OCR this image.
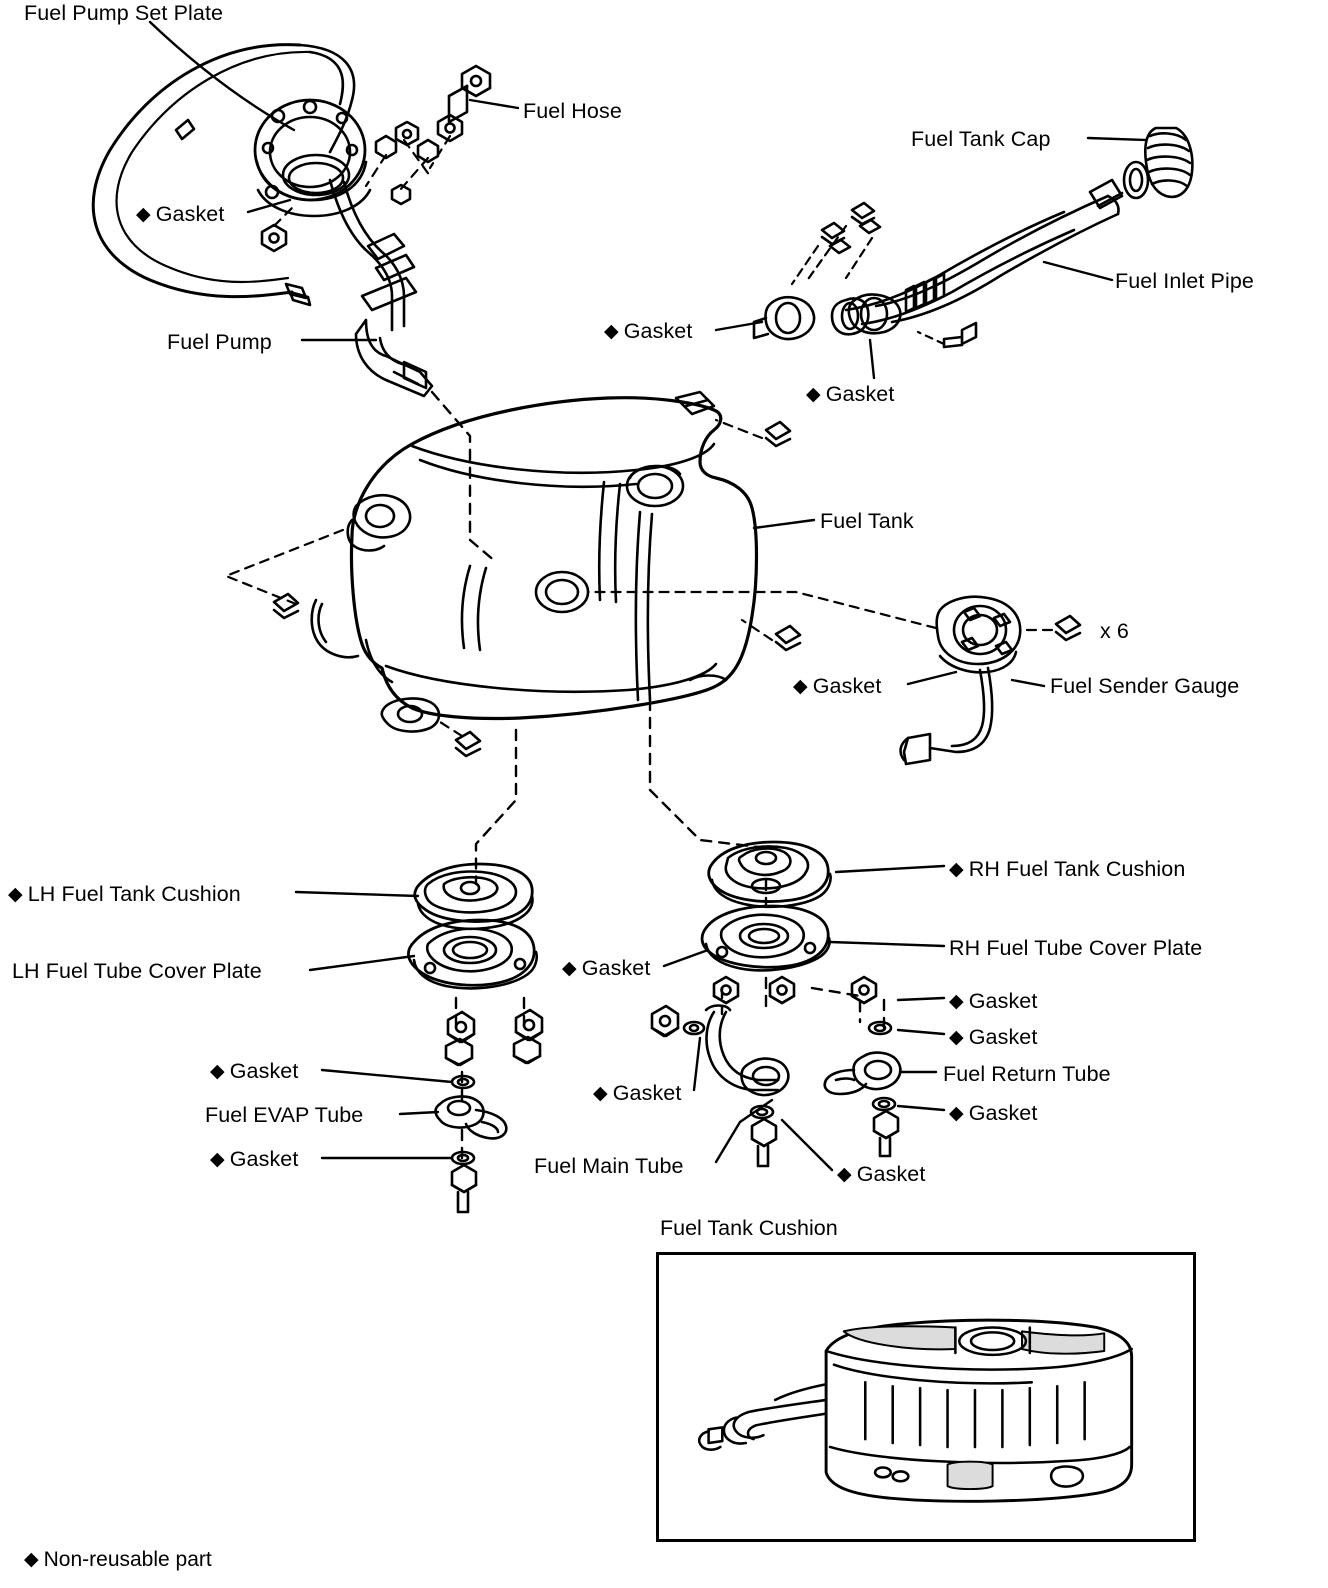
Fuel Pump Set Plate
Fuel Hose
◆ Gasket
Fuel Pump
Fuel Tank Cap
Fuel Inlet Pipe
◆ Gasket
◆ Gasket
Fuel Tank
x 6
◆ Gasket	Fuel Sender Gauge
◆ RH Fuel Tank Cushion
◆ LH Fuel Tank Cushion
RH Fuel Tube Cover Plate
LH Fuel Tube Cover Plate	◆ Gasket
◆ Gasket
◆ Gasket
◆ Gasket	Fuel Return Tube
◆ Gasket
Fuel EVAP Tube	◆ Gasket
◆ Gasket	Fuel Main Tube	◆ Gasket
Fuel Tank Cushion
◆ Non-reusable part
